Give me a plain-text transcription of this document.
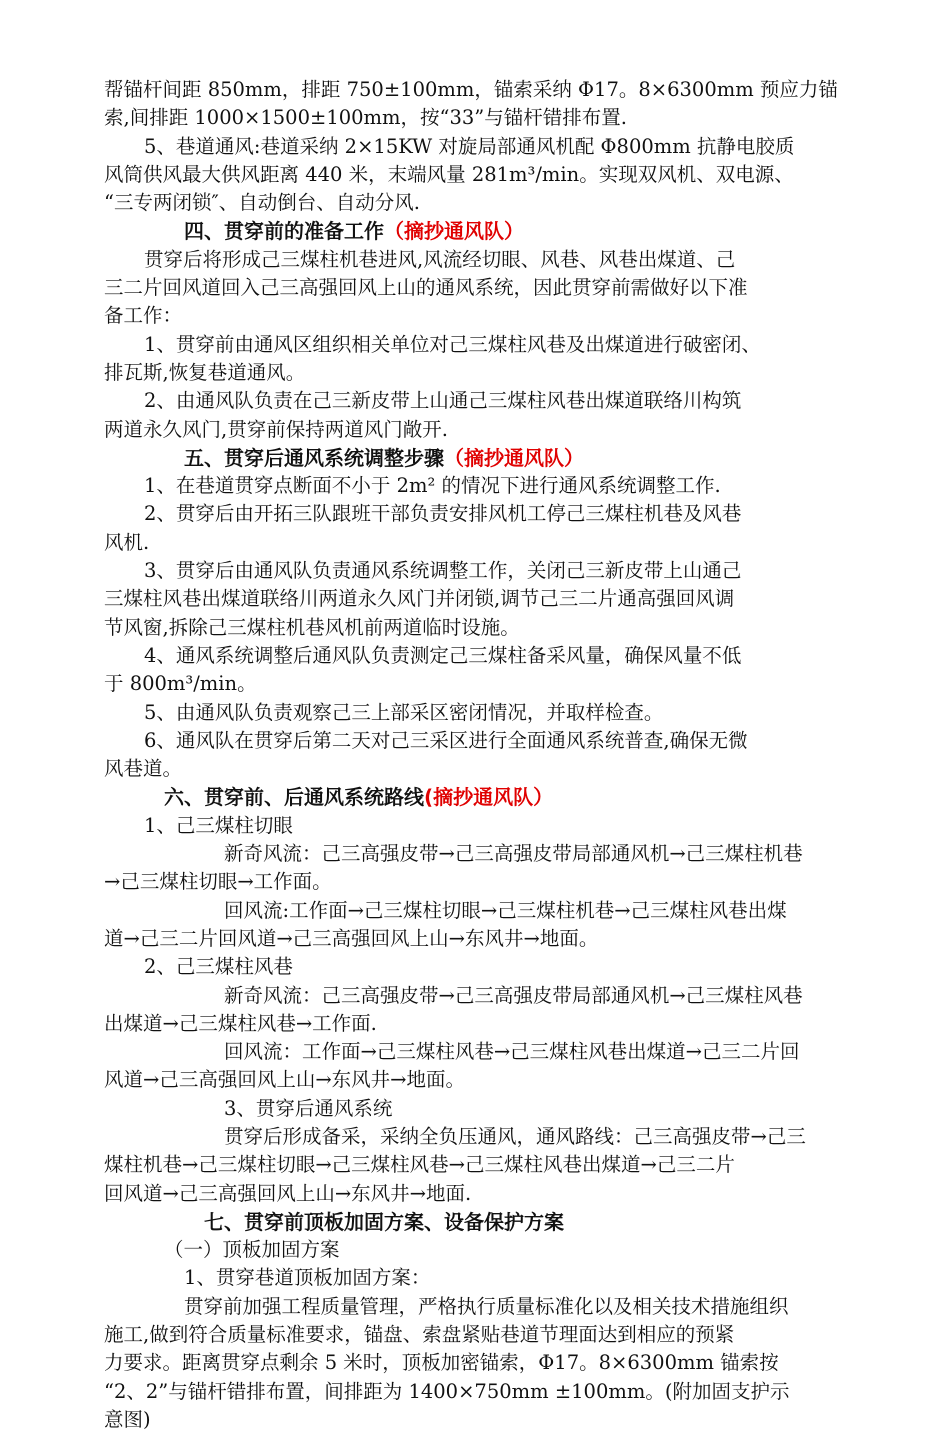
帮锚杆间距 850mm，排距 750±100mm，锚索采纳 Φ17。8×6300mm 预应力锚
索,间排距 1000×1500±100mm，按“33”与锚杆错排布置.
5、巷道通风:巷道采纳 2×15KW 对旋局部通风机配 Φ800mm 抗静电胶质
风筒供风最大供风距离 440 米，末端风量 281m³/min。实现双风机、双电源、
“三专两闭锁″、自动倒台、自动分风.
四、贯穿前的准备工作（摘抄通风队）
贯穿后将形成己三煤柱机巷进风,风流经切眼、风巷、风巷出煤道、己
三二片回风道回入己三高强回风上山的通风系统，因此贯穿前需做好以下准
备工作：
1、贯穿前由通风区组织相关单位对己三煤柱风巷及出煤道进行破密闭、
排瓦斯,恢复巷道通风。
2、由通风队负责在己三新皮带上山通己三煤柱风巷出煤道联络川构筑
两道永久风门,贯穿前保持两道风门敞开.
五、贯穿后通风系统调整步骤（摘抄通风队）
1、在巷道贯穿点断面不小于 2m² 的情况下进行通风系统调整工作.
2、贯穿后由开拓三队跟班干部负责安排风机工停己三煤柱机巷及风巷
风机.
3、贯穿后由通风队负责通风系统调整工作，关闭己三新皮带上山通己
三煤柱风巷出煤道联络川两道永久风门并闭锁,调节己三二片通高强回风调
节风窗,拆除己三煤柱机巷风机前两道临时设施。
4、通风系统调整后通风队负责测定己三煤柱备采风量，确保风量不低
于 800m³/min。
5、由通风队负责观察己三上部采区密闭情况，并取样检查。
6、通风队在贯穿后第二天对己三采区进行全面通风系统普查,确保无微
风巷道。
六、贯穿前、后通风系统路线(摘抄通风队）
1、己三煤柱切眼
新奇风流：己三高强皮带→己三高强皮带局部通风机→己三煤柱机巷
→己三煤柱切眼→工作面。
回风流:工作面→己三煤柱切眼→己三煤柱机巷→己三煤柱风巷出煤
道→己三二片回风道→己三高强回风上山→东风井→地面。
2、己三煤柱风巷
新奇风流：己三高强皮带→己三高强皮带局部通风机→己三煤柱风巷
出煤道→己三煤柱风巷→工作面.
回风流：工作面→己三煤柱风巷→己三煤柱风巷出煤道→己三二片回
风道→己三高强回风上山→东风井→地面。
3、贯穿后通风系统
贯穿后形成备采，采纳全负压通风，通风路线：己三高强皮带→己三
煤柱机巷→己三煤柱切眼→己三煤柱风巷→己三煤柱风巷出煤道→己三二片
回风道→己三高强回风上山→东风井→地面.
七、贯穿前顶板加固方案、设备保护方案
（一）顶板加固方案
1、贯穿巷道顶板加固方案：
贯穿前加强工程质量管理，严格执行质量标准化以及相关技术措施组织
施工,做到符合质量标准要求，锚盘、索盘紧贴巷道节理面达到相应的预紧
力要求。距离贯穿点剩余 5 米时，顶板加密锚索，Φ17。8×6300mm 锚索按
“2、2”与锚杆错排布置，间排距为 1400×750mm ±100mm。(附加固支护示
意图)
